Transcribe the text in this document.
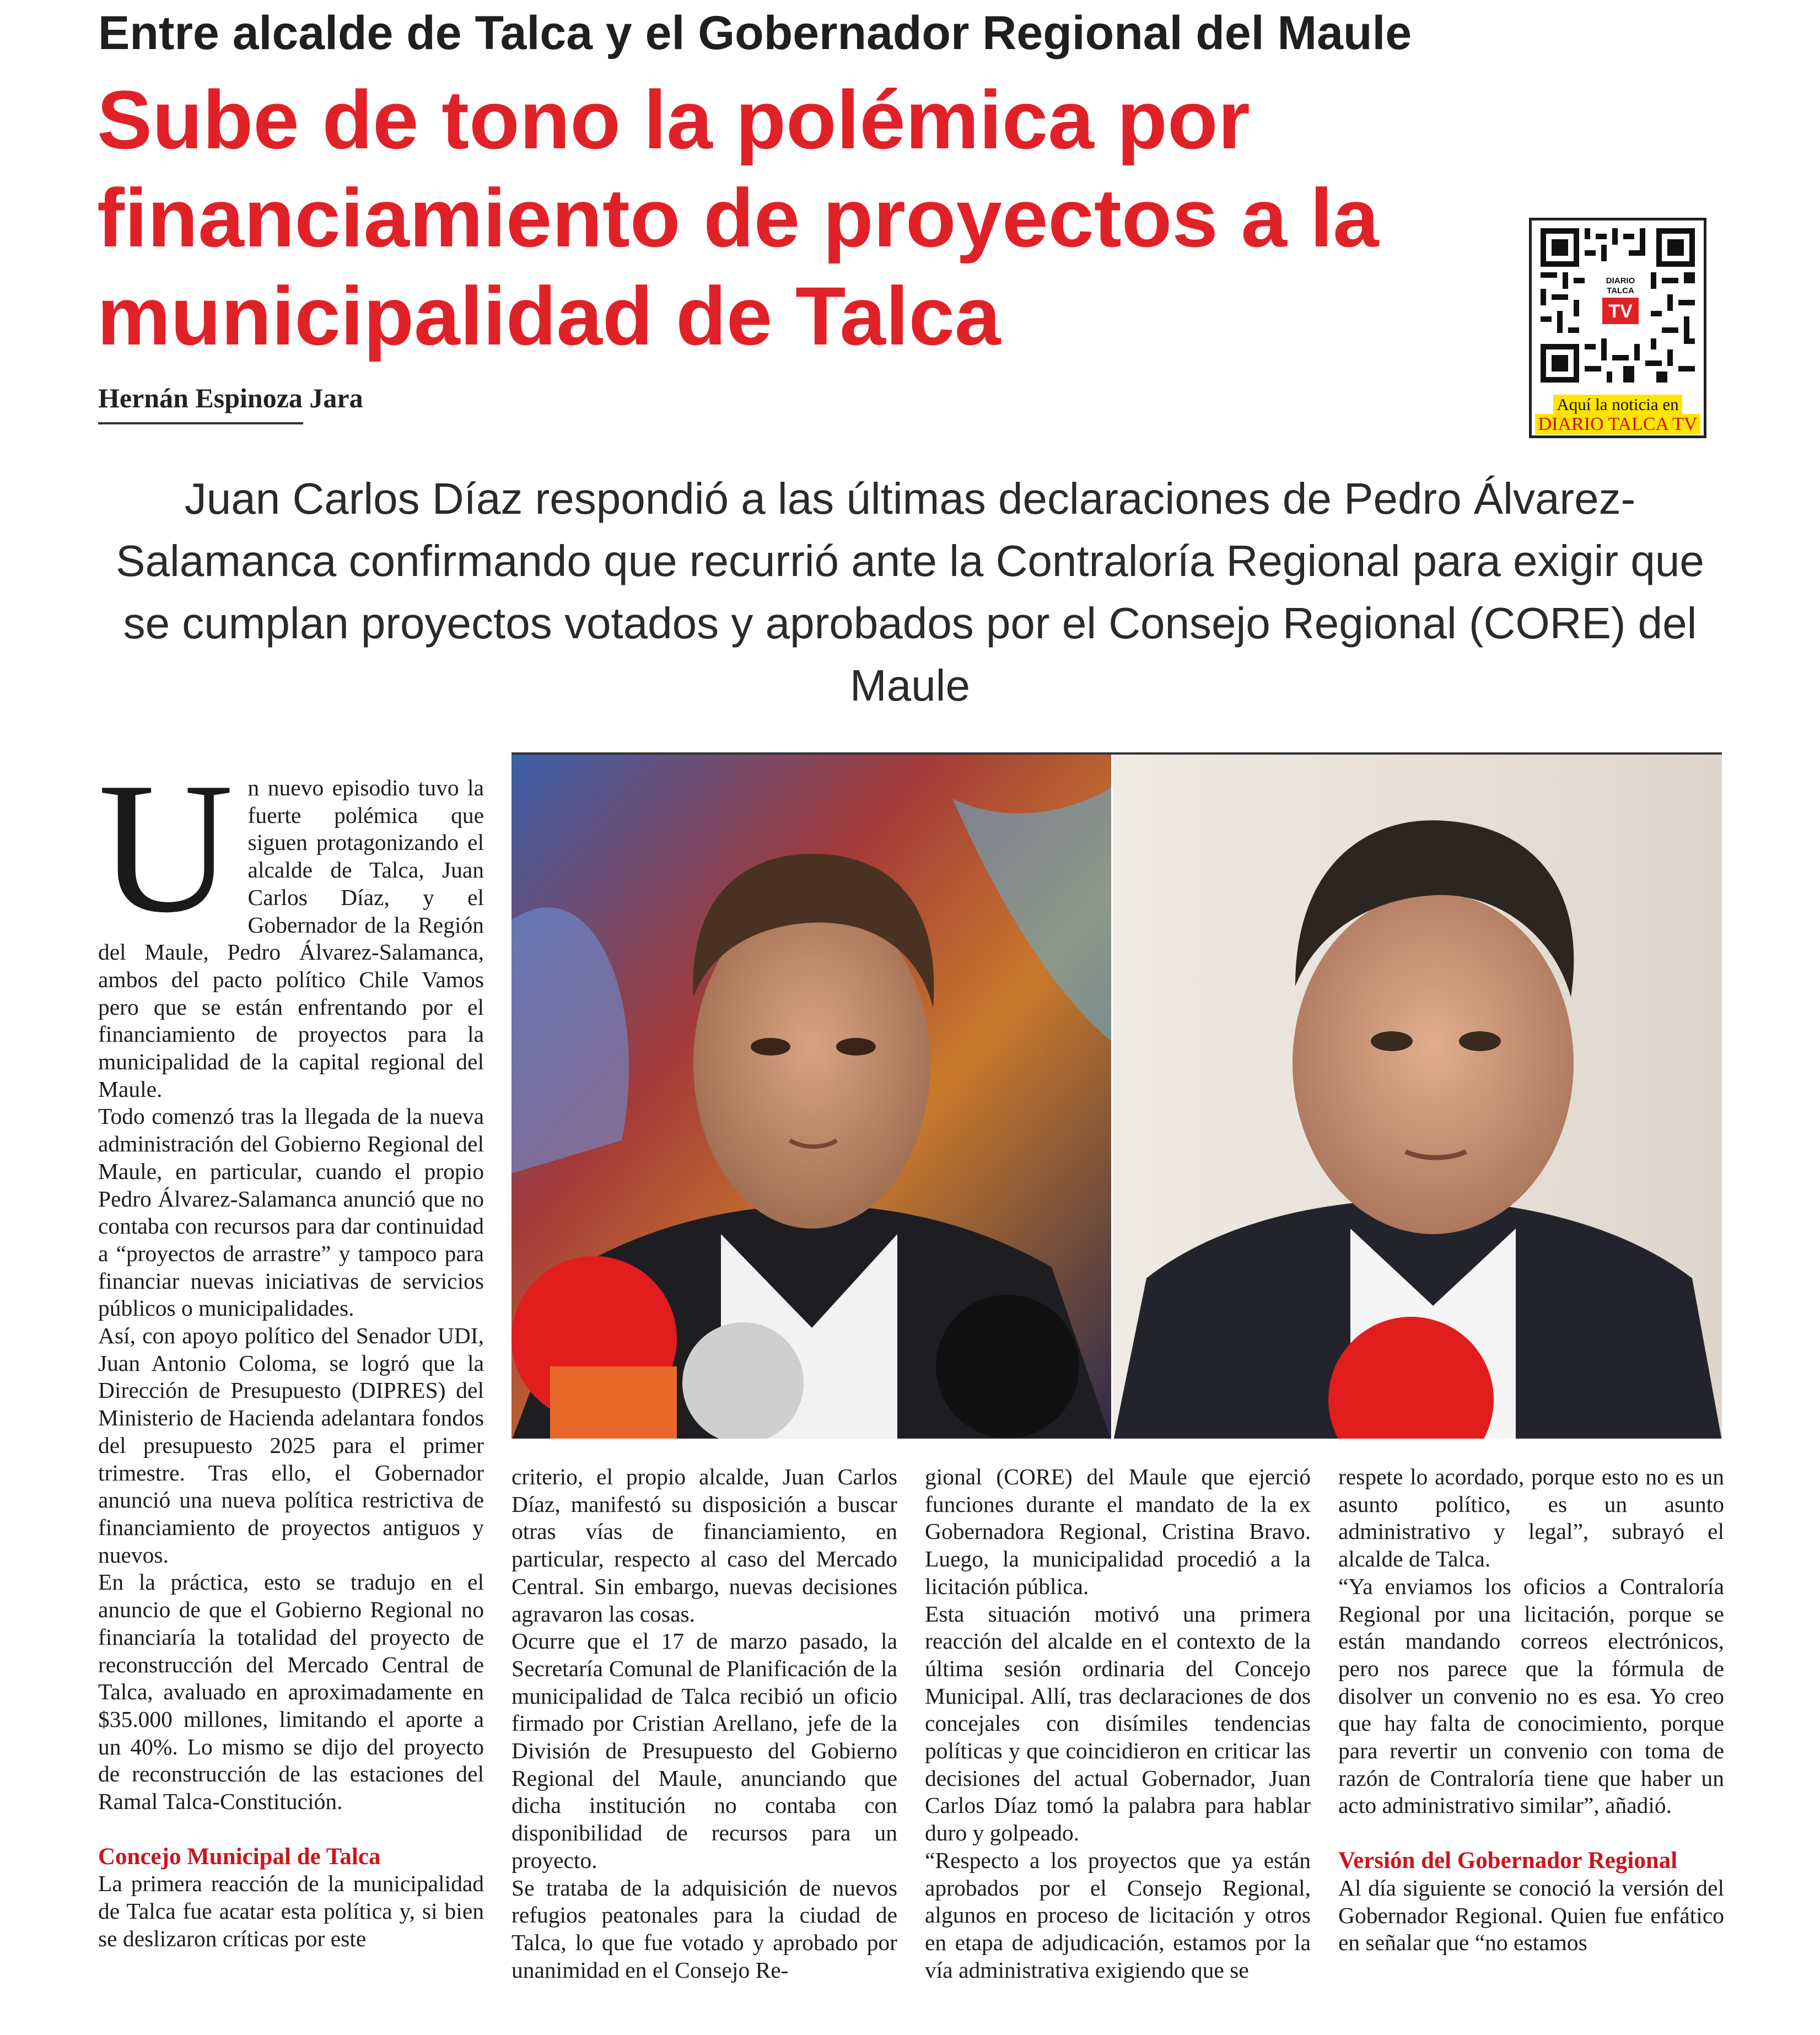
Entre alcalde de Talca y el Gobernador Regional del Maule
Sube de tono la polémica por financiamiento de proyectos a la municipalidad de Talca
Hernán Espinoza Jara
DIARIO
TALCA
TV
Aquí la noticia en
DIARIO TALCA TV

Juan Carlos Díaz respondió a las últimas declaraciones de Pedro Álvarez-Salamanca confirmando que recurrió ante la Contraloría Regional para exigir que se cumplan proyectos votados y aprobados por el Consejo Regional (CORE) del Maule

Un nuevo episodio tuvo la fuerte polémica que siguen protagonizando el alcalde de Talca, Juan Carlos Díaz, y el Gobernador de la Región del Maule, Pedro Álvarez-Salamanca, ambos del pacto político Chile Vamos pero que se están enfrentando por el financiamiento de proyectos para la municipalidad de la capital regional del Maule.

Todo comenzó tras la llegada de la nueva administración del Gobierno Regional del Maule, en particular, cuando el propio Pedro Álvarez-Salamanca anunció que no contaba con recursos para dar continuidad a “proyectos de arrastre” y tampoco para financiar nuevas iniciativas de servicios públicos o municipalidades.

Así, con apoyo político del Senador UDI, Juan Antonio Coloma, se logró que la Dirección de Presupuesto (DIPRES) del Ministerio de Hacienda adelantara fondos del presupuesto 2025 para el primer trimestre. Tras ello, el Gobernador anunció una nueva política restrictiva de financiamiento de proyectos antiguos y nuevos.

En la práctica, esto se tradujo en el anuncio de que el Gobierno Regional no financiaría la totalidad del proyecto de reconstrucción del Mercado Central de Talca, avaluado en aproximadamente en $35.000 millones, limitando el aporte a un 40%. Lo mismo se dijo del proyecto de reconstrucción de las estaciones del Ramal Talca-Constitución.

Concejo Municipal de Talca

La primera reacción de la municipalidad de Talca fue acatar esta política y, si bien se deslizaron críticas por este

criterio, el propio alcalde, Juan Carlos Díaz, manifestó su disposición a buscar otras vías de financiamiento, en particular, respecto al caso del Mercado Central. Sin embargo, nuevas decisiones agravaron las cosas.

Ocurre que el 17 de marzo pasado, la Secretaría Comunal de Planificación de la municipalidad de Talca recibió un oficio firmado por Cristian Arellano, jefe de la División de Presupuesto del Gobierno Regional del Maule, anunciando que dicha institución no contaba con disponibilidad de recursos para un proyecto.

Se trataba de la adquisición de nuevos refugios peatonales para la ciudad de Talca, lo que fue votado y aprobado por unanimidad en el Consejo Re-

gional (CORE) del Maule que ejerció funciones durante el mandato de la ex Gobernadora Regional, Cristina Bravo. Luego, la municipalidad procedió a la licitación pública.

Esta situación motivó una primera reacción del alcalde en el contexto de la última sesión ordinaria del Concejo Municipal. Allí, tras declaraciones de dos concejales con disímiles tendencias políticas y que coincidieron en criticar las decisiones del actual Gobernador, Juan Carlos Díaz tomó la palabra para hablar duro y golpeado.

“Respecto a los proyectos que ya están aprobados por el Consejo Regional, algunos en proceso de licitación y otros en etapa de adjudicación, estamos por la vía administrativa exigiendo que se

respete lo acordado, porque esto no es un asunto político, es un asunto administrativo y legal”, subrayó el alcalde de Talca.

“Ya enviamos los oficios a Contraloría Regional por una licitación, porque se están mandando correos electrónicos, pero nos parece que la fórmula de disolver un convenio no es esa. Yo creo que hay falta de conocimiento, porque para revertir un convenio con toma de razón de Contraloría tiene que haber un acto administrativo similar”, añadió.

Versión del Gobernador Regional

Al día siguiente se conoció la versión del Gobernador Regional. Quien fue enfático en señalar que “no estamos
